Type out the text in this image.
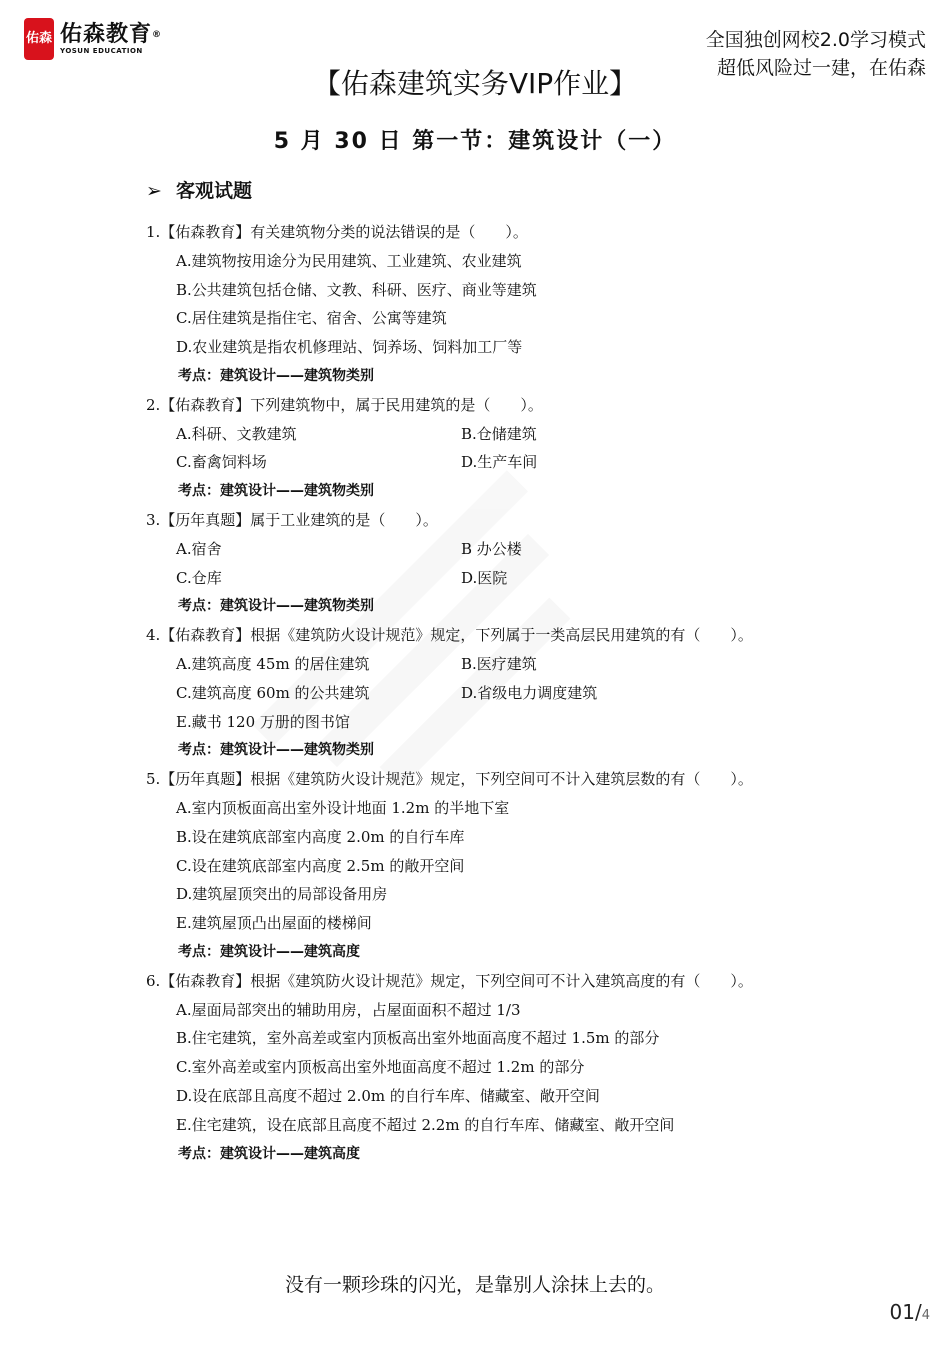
佑森 佑森教育®
YOSUN EDUCATION	全国独创网校2.0学习模式
超低风险过一建，在佑森
【佑森建筑实务VIP作业】
5 月 30 日 第一节：建筑设计（一）
➢ 客观试题
1.【佑森教育】有关建筑物分类的说法错误的是（　　）。
A.建筑物按用途分为民用建筑、工业建筑、农业建筑
B.公共建筑包括仓储、文教、科研、医疗、商业等建筑
C.居住建筑是指住宅、宿舍、公寓等建筑
D.农业建筑是指农机修理站、饲养场、饲料加工厂等
考点：建筑设计——建筑物类别
2.【佑森教育】下列建筑物中，属于民用建筑的是（　　）。
A.科研、文教建筑	B.仓储建筑
C.畜禽饲料场	D.生产车间
考点：建筑设计——建筑物类别
3.【历年真题】属于工业建筑的是（　　）。
A.宿舍	B 办公楼
C.仓库	D.医院
考点：建筑设计——建筑物类别
4.【佑森教育】根据《建筑防火设计规范》规定，下列属于一类高层民用建筑的有（　　）。
A.建筑高度 45m 的居住建筑	B.医疗建筑
C.建筑高度 60m 的公共建筑	D.省级电力调度建筑
E.藏书 120 万册的图书馆
考点：建筑设计——建筑物类别
5.【历年真题】根据《建筑防火设计规范》规定，下列空间可不计入建筑层数的有（　　）。
A.室内顶板面高出室外设计地面 1.2m 的半地下室
B.设在建筑底部室内高度 2.0m 的自行车库
C.设在建筑底部室内高度 2.5m 的敞开空间
D.建筑屋顶突出的局部设备用房
E.建筑屋顶凸出屋面的楼梯间
考点：建筑设计——建筑高度
6.【佑森教育】根据《建筑防火设计规范》规定，下列空间可不计入建筑高度的有（　　）。
A.屋面局部突出的辅助用房，占屋面面积不超过 1/3
B.住宅建筑，室外高差或室内顶板高出室外地面高度不超过 1.5m 的部分
C.室外高差或室内顶板高出室外地面高度不超过 1.2m 的部分
D.设在底部且高度不超过 2.0m 的自行车库、储藏室、敞开空间
E.住宅建筑，设在底部且高度不超过 2.2m 的自行车库、储藏室、敞开空间
考点：建筑设计——建筑高度
没有一颗珍珠的闪光，是靠别人涂抹上去的。
01/4
